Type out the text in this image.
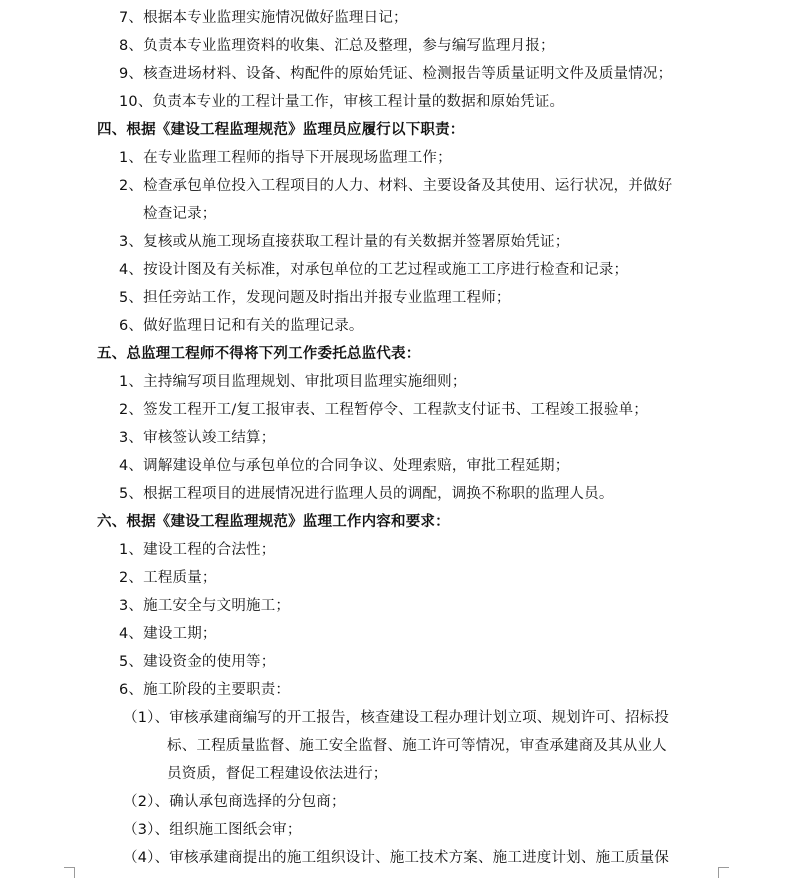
7、根据本专业监理实施情况做好监理日记；
8、负责本专业监理资料的收集、汇总及整理，参与编写监理月报；
9、核查进场材料、设备、构配件的原始凭证、检测报告等质量证明文件及质量情况；
10、负责本专业的工程计量工作，审核工程计量的数据和原始凭证。
四、根据《建设工程监理规范》监理员应履行以下职责：
1、在专业监理工程师的指导下开展现场监理工作；
2、检查承包单位投入工程项目的人力、材料、主要设备及其使用、运行状况，并做好
检查记录；
3、复核或从施工现场直接获取工程计量的有关数据并签署原始凭证；
4、按设计图及有关标准，对承包单位的工艺过程或施工工序进行检查和记录；
5、担任旁站工作，发现问题及时指出并报专业监理工程师；
6、做好监理日记和有关的监理记录。
五、总监理工程师不得将下列工作委托总监代表：
1、主持编写项目监理规划、审批项目监理实施细则；
2、签发工程开工/复工报审表、工程暂停令、工程款支付证书、工程竣工报验单；
3、审核签认竣工结算；
4、调解建设单位与承包单位的合同争议、处理索赔，审批工程延期；
5、根据工程项目的进展情况进行监理人员的调配，调换不称职的监理人员。
六、根据《建设工程监理规范》监理工作内容和要求：
1、建设工程的合法性；
2、工程质量；
3、施工安全与文明施工；
4、建设工期；
5、建设资金的使用等；
6、施工阶段的主要职责：
（1）、审核承建商编写的开工报告，核查建设工程办理计划立项、规划许可、招标投
标、工程质量监督、施工安全监督、施工许可等情况，审查承建商及其从业人
员资质，督促工程建设依法进行；
（2）、确认承包商选择的分包商；
（3）、组织施工图纸会审；
（4）、审核承建商提出的施工组织设计、施工技术方案、施工进度计划、施工质量保
